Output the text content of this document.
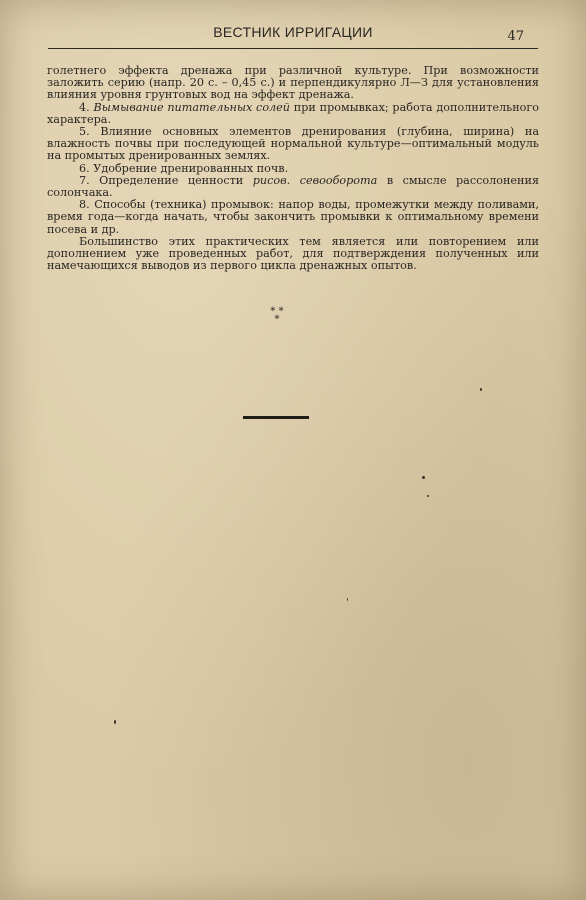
ВЕСТНИК ИРРИГАЦИИ	47

голетнего эффекта дренажа при различной культуре. При возможности заложить серию (напр. 20 с. – 0,45 с.) и перпендикулярно Л—З для установления влияния уровня грунтовых вод на эффект дренажа.

4. Вымывание питательных солей при промывках; работа дополнительного характера.

5. Влияние основных элементов дренирования (глубина, ширина) на влажность почвы при последующей нормальной культуре—оптимальный модуль на промытых дренированных землях.

6. Удобрение дренированных почв.

7. Определение ценности рисов. севооборота в смысле рассолонения солончака.

8. Способы (техника) промывок: напор воды, промежутки между поливами, время года—когда начать, чтобы закончить промывки к оптимальному времени посева и др.

Большинство этих практических тем является или повторением или дополнением уже проведенных работ, для подтверждения полученных или намечающихся выводов из первого цикла дренажных опытов.

* *
*
